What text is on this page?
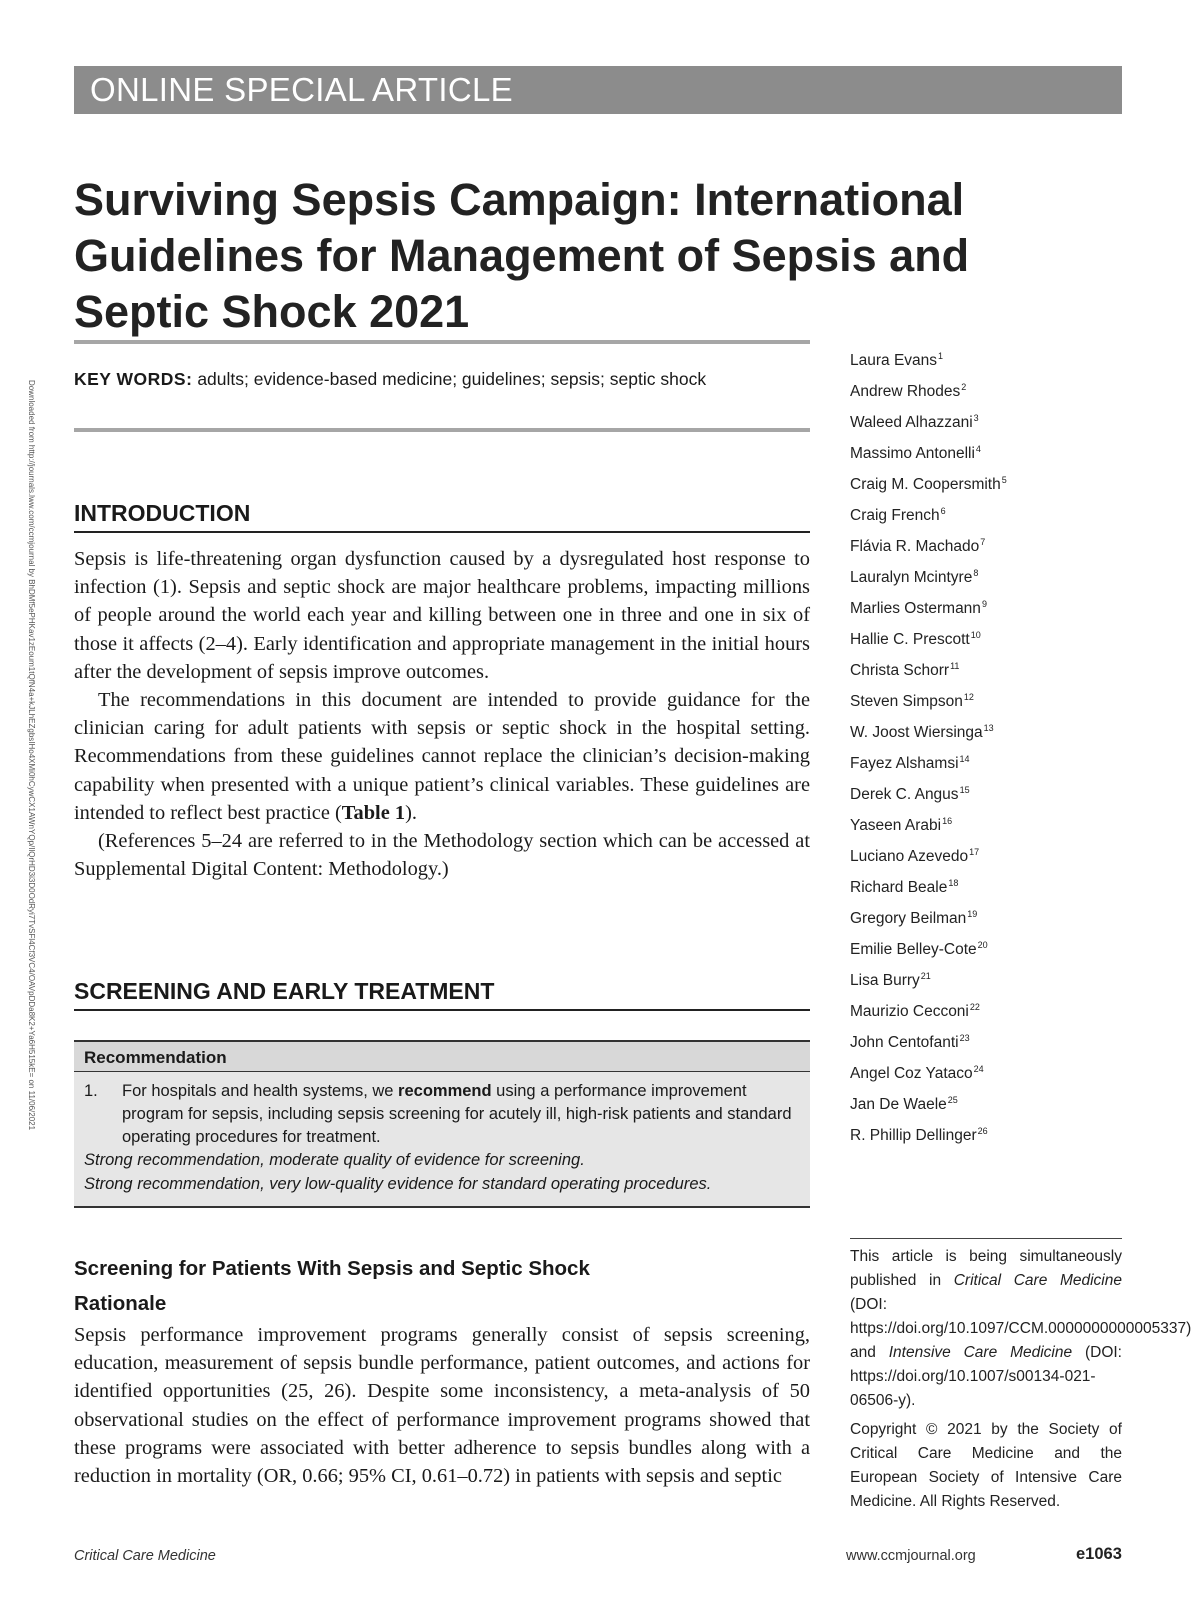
ONLINE SPECIAL ARTICLE
Surviving Sepsis Campaign: International
Guidelines for Management of Sepsis and
Septic Shock 2021
KEY WORDS: adults; evidence-based medicine; guidelines; sepsis; septic shock
Downloaded from http://journals.lww.com/ccmjournal by BhDMf5ePHKav1zEoum1tQfN4a+kJLhEZgbsIHo4XMi0hCywCX1AWnYQp/IlQrHD3i3D0OdRyi7TvSFl4Cf3VC4/OAVpDDa8K2+Ya6H515kE= on 11/06/2021 INTRODUCTION

Sepsis is life-threatening organ dysfunction caused by a dysregulated host response to infection (1). Sepsis and septic shock are major healthcare problems, impacting millions of people around the world each year and killing between one in three and one in six of those it affects (2–4). Early identification and appropriate management in the initial hours after the development of sepsis improve outcomes.

The recommendations in this document are intended to provide guidance for the clinician caring for adult patients with sepsis or septic shock in the hospital setting. Recommendations from these guidelines cannot replace the clinician’s decision-making capability when presented with a unique patient’s clinical variables. These guidelines are intended to reflect best practice (Table 1).

(References 5–24 are referred to in the Methodology section which can be accessed at Supplemental Digital Content: Methodology.)

SCREENING AND EARLY TREATMENT
Recommendation
1. For hospitals and health systems, we recommend using a performance improvement program for sepsis, including sepsis screening for acutely ill, high-risk patients and standard operating procedures for treatment.
Strong recommendation, moderate quality of evidence for screening.
Strong recommendation, very low-quality evidence for standard operating procedures.
Screening for Patients With Sepsis and Septic Shock
Rationale

Sepsis performance improvement programs generally consist of sepsis screening, education, measurement of sepsis bundle performance, patient outcomes, and actions for identified opportunities (25, 26). Despite some inconsistency, a meta-analysis of 50 observational studies on the effect of performance improvement programs showed that these programs were associated with better adherence to sepsis bundles along with a reduction in mortality (OR, 0.66; 95% CI, 0.61–0.72) in patients with sepsis and septic

Laura Evans$^1$
Andrew Rhodes$^2$
Waleed Alhazzani$^3$
Massimo Antonelli$^4$
Craig M. Coopersmith$^5$
Craig French$^6$
Flávia R. Machado$^7$
Lauralyn Mcintyre$^8$
Marlies Ostermann$^9$
Hallie C. Prescott$^{10}$
Christa Schorr$^{11}$
Steven Simpson$^{12}$
W. Joost Wiersinga$^{13}$
Fayez Alshamsi$^{14}$
Derek C. Angus$^{15}$
Yaseen Arabi$^{16}$
Luciano Azevedo$^{17}$
Richard Beale$^{18}$
Gregory Beilman$^{19}$
Emilie Belley-Cote$^{20}$
Lisa Burry$^{21}$
Maurizio Cecconi$^{22}$
John Centofanti$^{23}$
Angel Coz Yataco$^{24}$
Jan De Waele$^{25}$
R. Phillip Dellinger$^{26}$

This article is being simultaneously published in Critical Care Medicine (DOI: https://doi.org/10.1097/CCM.0000000000005337) and Intensive Care Medicine (DOI: https://doi.org/10.1007/s00134-021-06506-y).

Copyright © 2021 by the Society of Critical Care Medicine and the European Society of Intensive Care Medicine. All Rights Reserved.

Critical Care Medicine	www.ccmjournal.org	e1063
